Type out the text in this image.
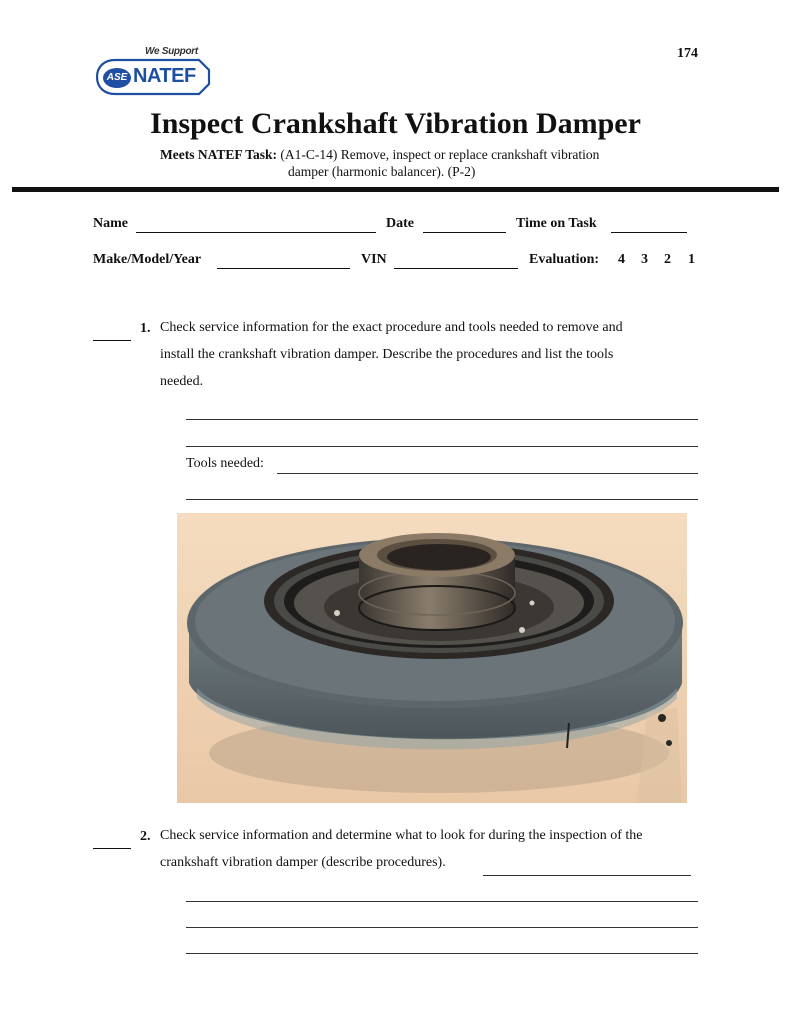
We Support
ASE NATEF
174
Inspect Crankshaft Vibration Damper
Meets NATEF Task: (A1-C-14) Remove, inspect or replace crankshaft vibration
damper (harmonic balancer). (P-2)
Name	Date	Time on Task
Make/Model/Year	VIN	Evaluation: 4 3 2 1
1. Check service information for the exact procedure and tools needed to remove and
install the crankshaft vibration damper. Describe the procedures and list the tools
needed.
Tools needed:
2. Check service information and determine what to look for during the inspection of the
crankshaft vibration damper (describe procedures).
